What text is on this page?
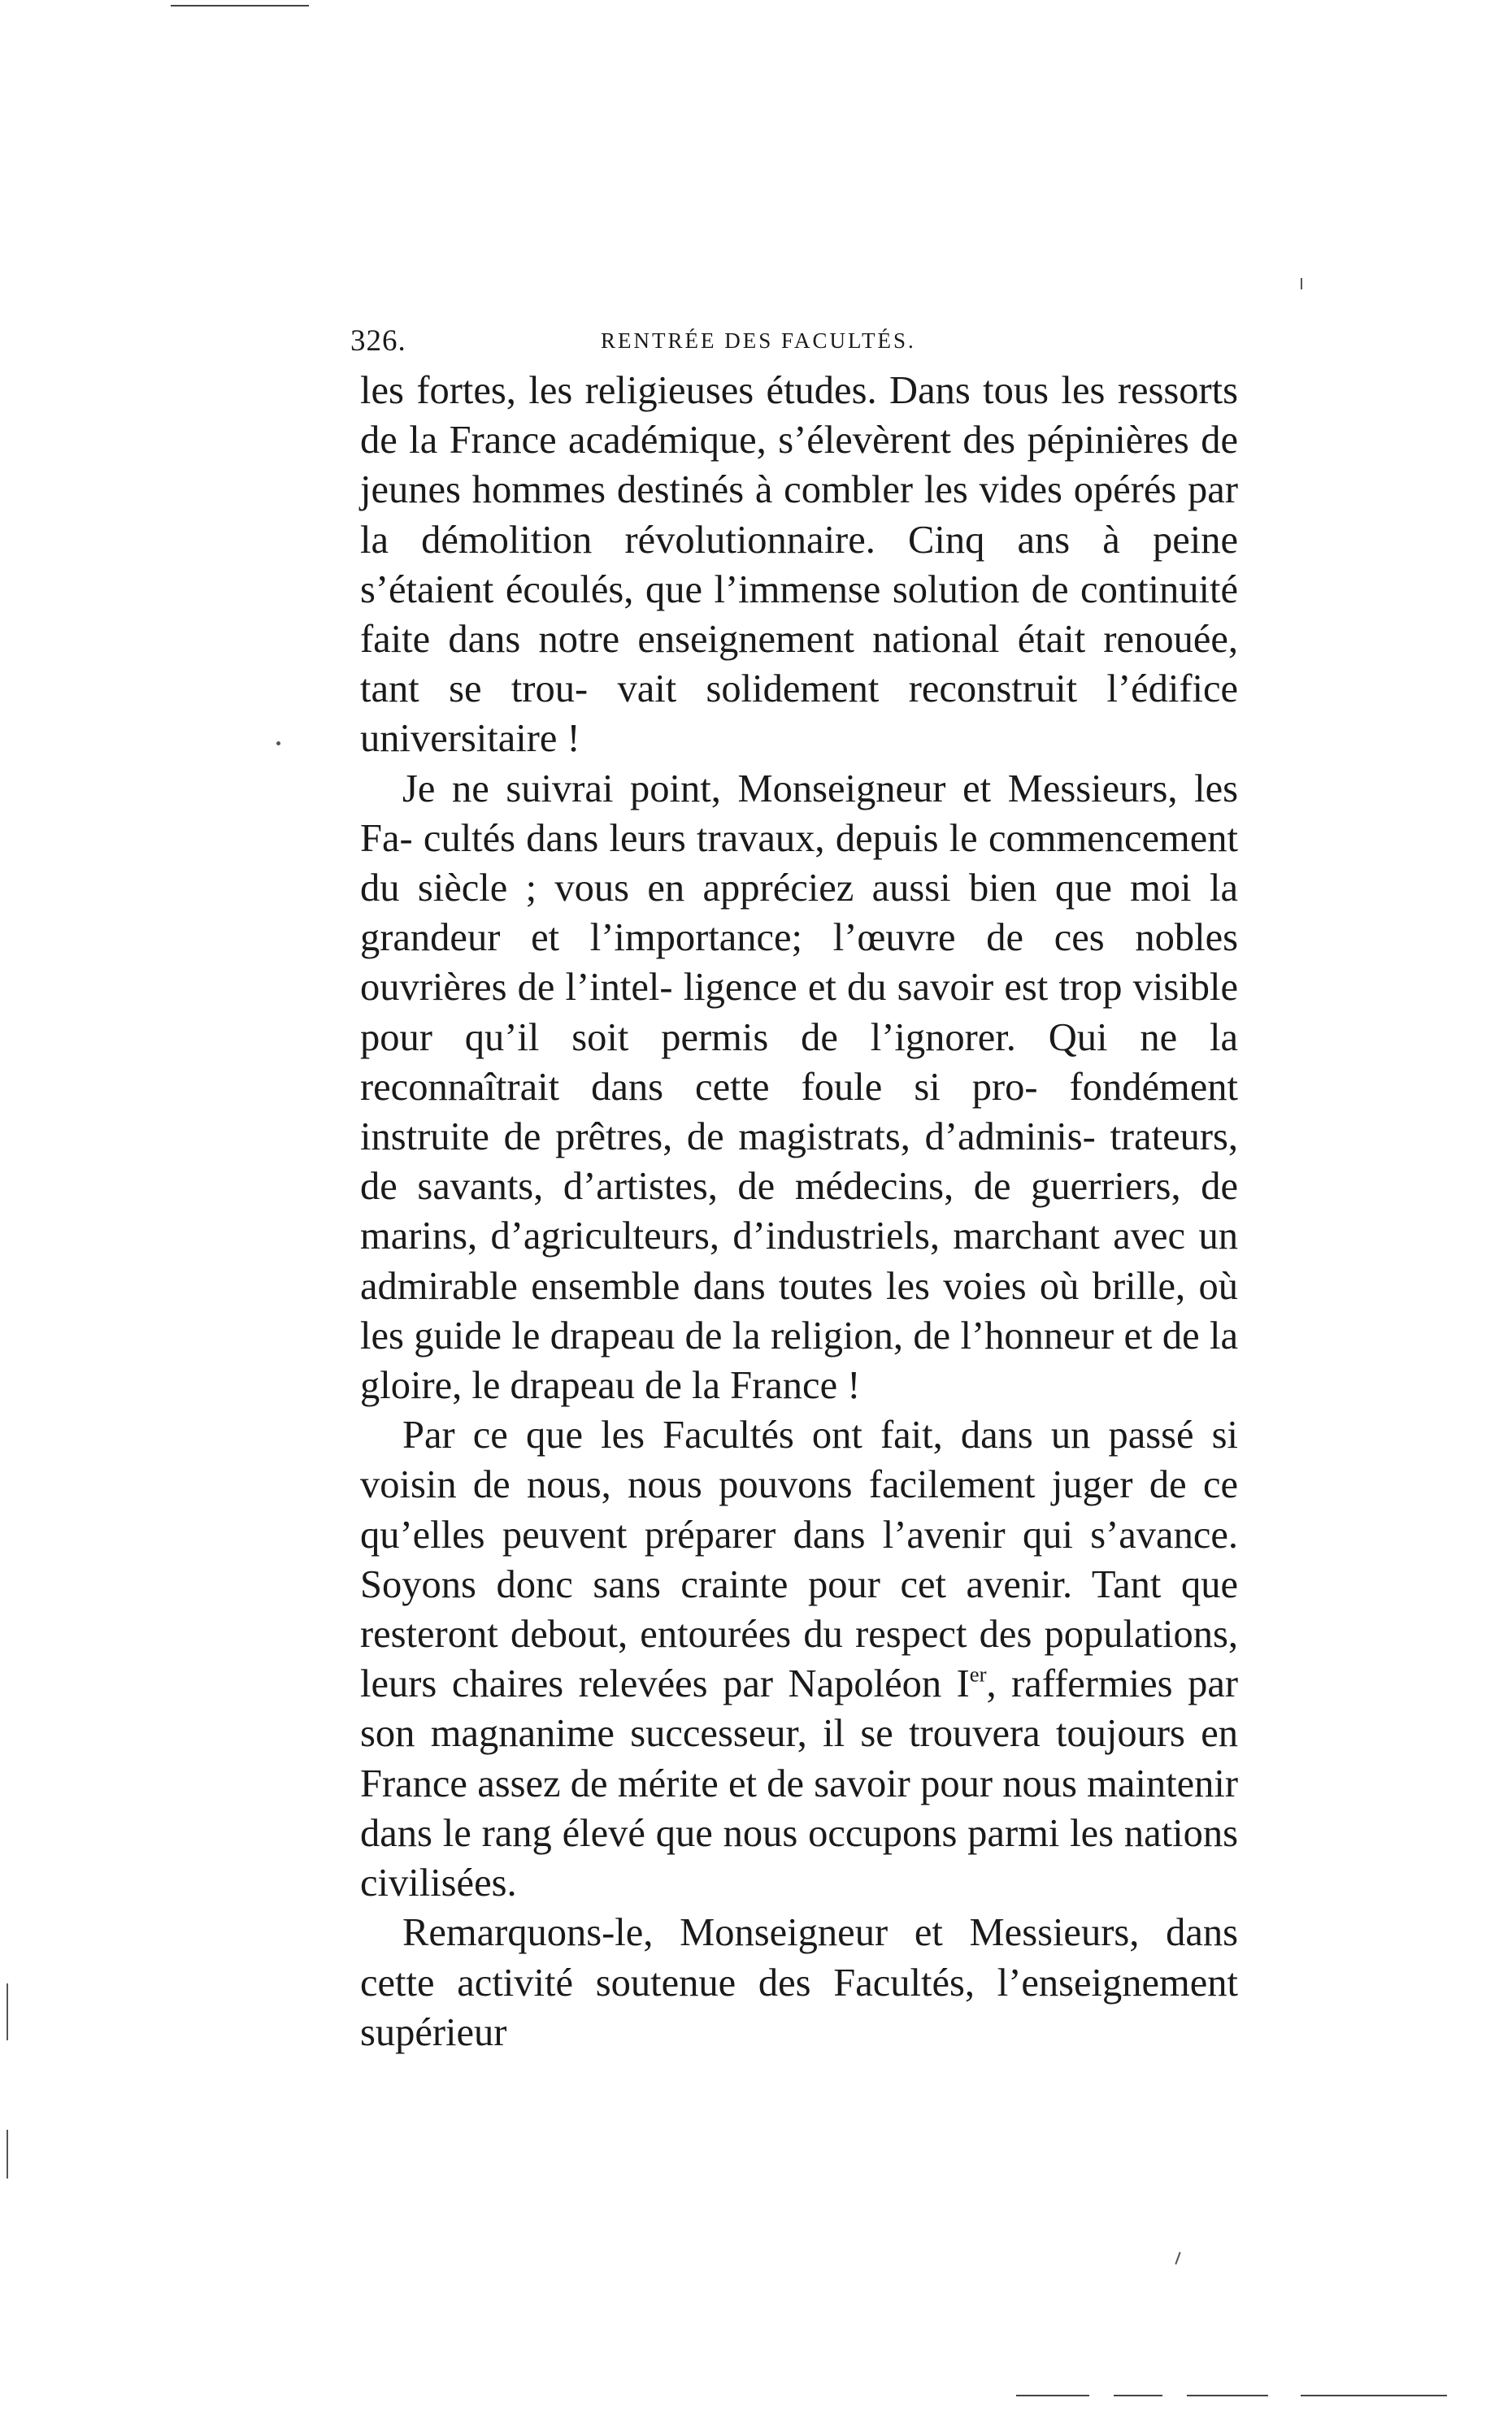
326.	RENTRÉE DES FACULTÉS.

les fortes, les religieuses études. Dans tous les ressorts de la France académique, s’élevèrent des pépinières de jeunes hommes destinés à combler les vides opérés par la démolition révolutionnaire. Cinq ans à peine s’étaient écoulés, que l’immense solution de continuité faite dans notre enseignement national était renouée, tant se trou- vait solidement reconstruit l’édifice universitaire !

Je ne suivrai point, Monseigneur et Messieurs, les Fa- cultés dans leurs travaux, depuis le commencement du siècle ; vous en appréciez aussi bien que moi la grandeur et l’importance; l’œuvre de ces nobles ouvrières de l’intel- ligence et du savoir est trop visible pour qu’il soit permis de l’ignorer. Qui ne la reconnaîtrait dans cette foule si pro- fondément instruite de prêtres, de magistrats, d’adminis- trateurs, de savants, d’artistes, de médecins, de guerriers, de marins, d’agriculteurs, d’industriels, marchant avec un admirable ensemble dans toutes les voies où brille, où les guide le drapeau de la religion, de l’honneur et de la gloire, le drapeau de la France !

Par ce que les Facultés ont fait, dans un passé si voisin de nous, nous pouvons facilement juger de ce qu’elles peuvent préparer dans l’avenir qui s’avance. Soyons donc sans crainte pour cet avenir. Tant que resteront debout, entourées du respect des populations, leurs chaires relevées par Napoléon Ier, raffermies par son magnanime successeur, il se trouvera toujours en France assez de mérite et de savoir pour nous maintenir dans le rang élevé que nous occupons parmi les nations civilisées.

Remarquons-le, Monseigneur et Messieurs, dans cette activité soutenue des Facultés, l’enseignement supérieur
